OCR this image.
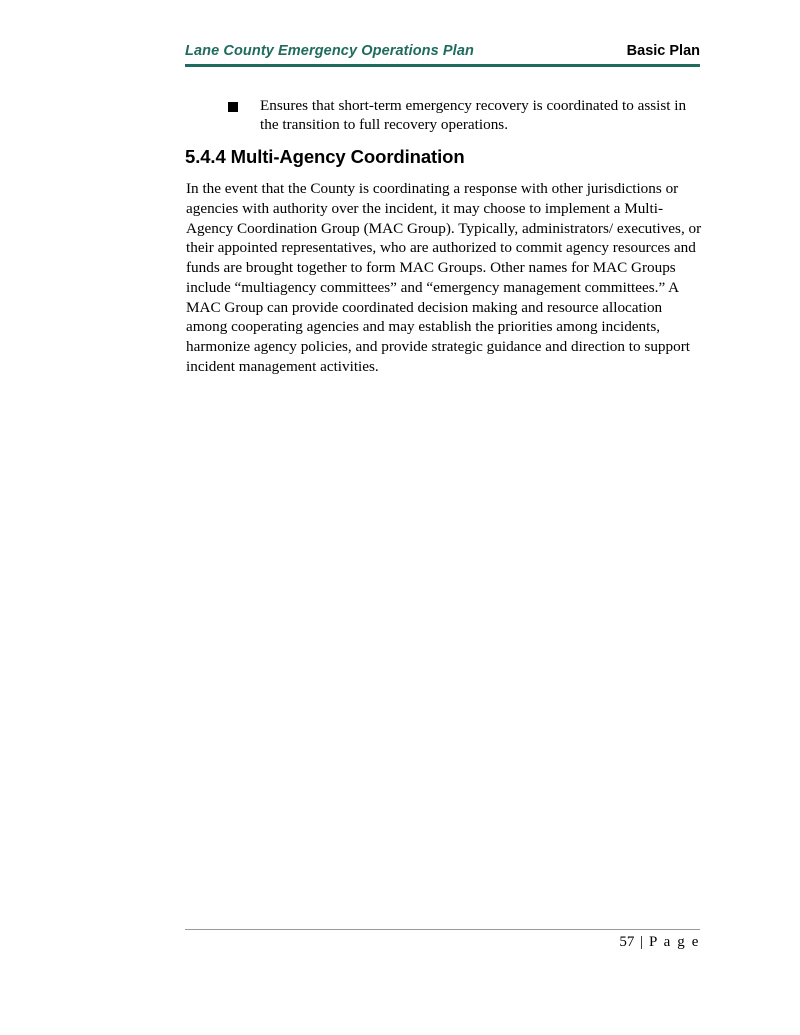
Lane County Emergency Operations Plan	Basic Plan
Ensures that short-term emergency recovery is coordinated to assist in the transition to full recovery operations.
5.4.4 Multi-Agency Coordination
In the event that the County is coordinating a response with other jurisdictions or agencies with authority over the incident, it may choose to implement a Multi-Agency Coordination Group (MAC Group). Typically, administrators/ executives, or their appointed representatives, who are authorized to commit agency resources and funds are brought together to form MAC Groups. Other names for MAC Groups include “multiagency committees” and “emergency management committees.” A MAC Group can provide coordinated decision making and resource allocation among cooperating agencies and may establish the priorities among incidents, harmonize agency policies, and provide strategic guidance and direction to support incident management activities.
57 | P a g e
